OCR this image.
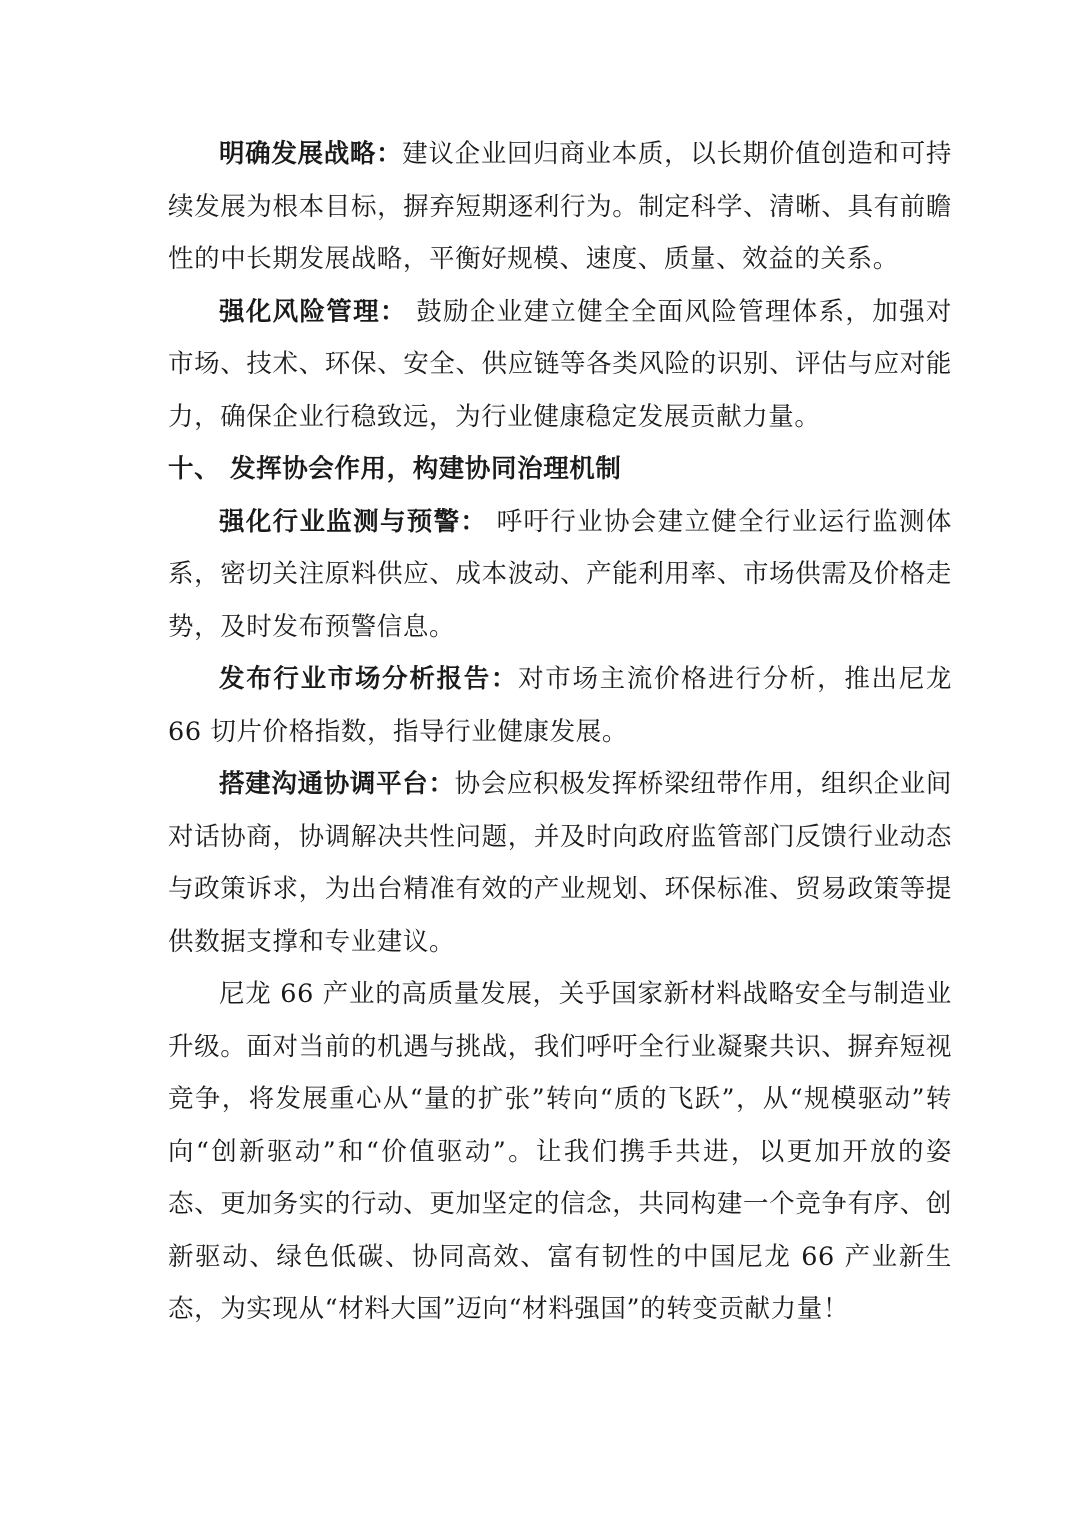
明确发展战略：建议企业回归商业本质，以长期价值创造和可持续发展为根本目标，摒弃短期逐利行为。制定科学、清晰、具有前瞻性的中长期发展战略，平衡好规模、速度、质量、效益的关系。

强化风险管理： 鼓励企业建立健全全面风险管理体系，加强对市场、技术、环保、安全、供应链等各类风险的识别、评估与应对能力，确保企业行稳致远，为行业健康稳定发展贡献力量。

十、 发挥协会作用，构建协同治理机制

强化行业监测与预警： 呼吁行业协会建立健全行业运行监测体系，密切关注原料供应、成本波动、产能利用率、市场供需及价格走势，及时发布预警信息。

发布行业市场分析报告：对市场主流价格进行分析，推出尼龙 66 切片价格指数，指导行业健康发展。

搭建沟通协调平台：协会应积极发挥桥梁纽带作用，组织企业间对话协商，协调解决共性问题，并及时向政府监管部门反馈行业动态与政策诉求，为出台精准有效的产业规划、环保标准、贸易政策等提供数据支撑和专业建议。

尼龙 66 产业的高质量发展，关乎国家新材料战略安全与制造业升级。面对当前的机遇与挑战，我们呼吁全行业凝聚共识、摒弃短视竞争，将发展重心从“量的扩张”转向“质的飞跃”，从“规模驱动”转向“创新驱动”和“价值驱动”。让我们携手共进，以更加开放的姿态、更加务实的行动、更加坚定的信念，共同构建一个竞争有序、创新驱动、绿色低碳、协同高效、富有韧性的中国尼龙 66 产业新生态，为实现从“材料大国”迈向“材料强国”的转变贡献力量！
